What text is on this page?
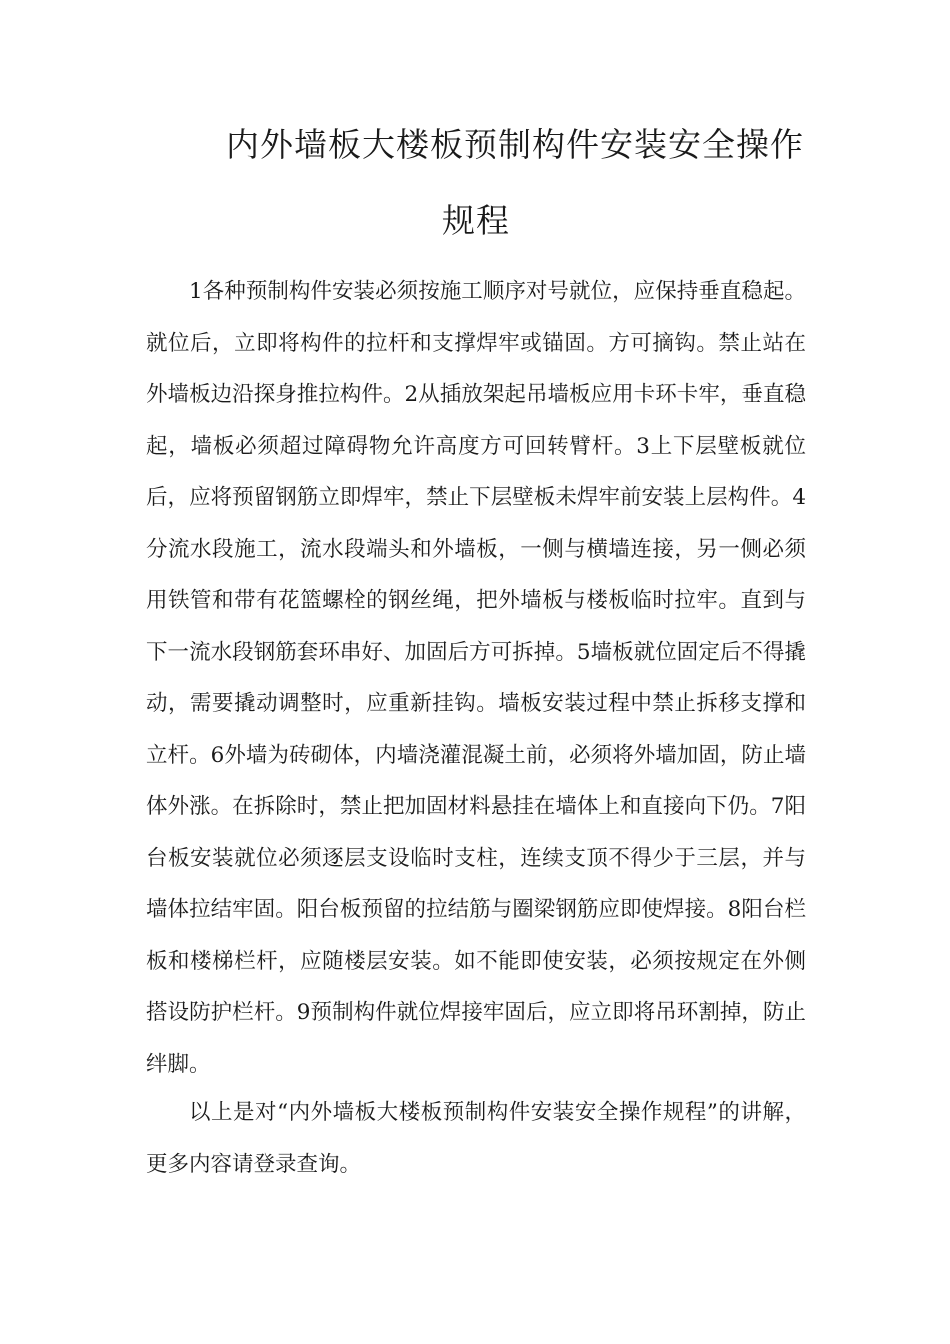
内外墙板大楼板预制构件安装安全操作
规程

1各种预制构件安装必须按施工顺序对号就位，应保持垂直稳起。就位后，立即将构件的拉杆和支撑焊牢或锚固。方可摘钩。禁止站在外墙板边沿探身推拉构件。2从插放架起吊墙板应用卡环卡牢，垂直稳起，墙板必须超过障碍物允许高度方可回转臂杆。3上下层壁板就位后，应将预留钢筋立即焊牢，禁止下层壁板未焊牢前安装上层构件。4分流水段施工，流水段端头和外墙板，一侧与横墙连接，另一侧必须用铁管和带有花篮螺栓的钢丝绳，把外墙板与楼板临时拉牢。直到与下一流水段钢筋套环串好、加固后方可拆掉。5墙板就位固定后不得撬动，需要撬动调整时，应重新挂钩。墙板安装过程中禁止拆移支撑和立杆。6外墙为砖砌体，内墙浇灌混凝土前，必须将外墙加固，防止墙体外涨。在拆除时，禁止把加固材料悬挂在墙体上和直接向下仍。7阳台板安装就位必须逐层支设临时支柱，连续支顶不得少于三层，并与墙体拉结牢固。阳台板预留的拉结筋与圈梁钢筋应即使焊接。8阳台栏板和楼梯栏杆，应随楼层安装。如不能即使安装，必须按规定在外侧搭设防护栏杆。9预制构件就位焊接牢固后，应立即将吊环割掉，防止绊脚。

以上是对“内外墙板大楼板预制构件安装安全操作规程”的讲解，更多内容请登录查询。
